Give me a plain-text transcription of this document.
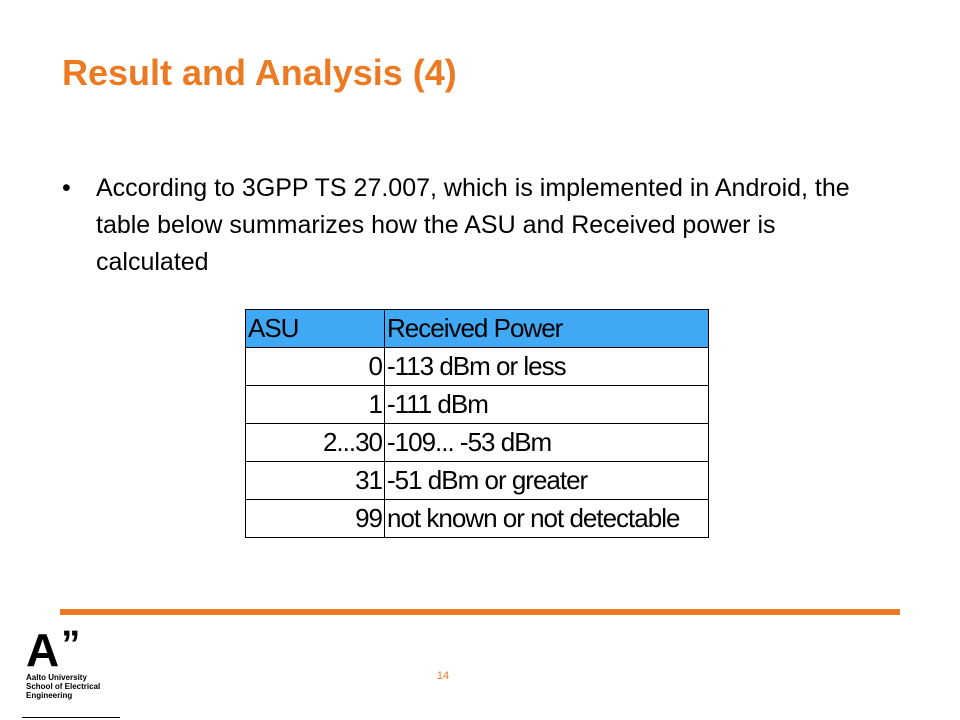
Result and Analysis (4)
•	According to 3GPP TS 27.007, which is implemented in Android, the table below summarizes how the ASU and Received power is calculated
ASU	Received Power
0	-113 dBm or less
1	-111 dBm
2...30	-109... -53 dBm
31	-51 dBm or greater
99	not known or not detectable
A ”
Aalto University
School of Electrical
Engineering
14
